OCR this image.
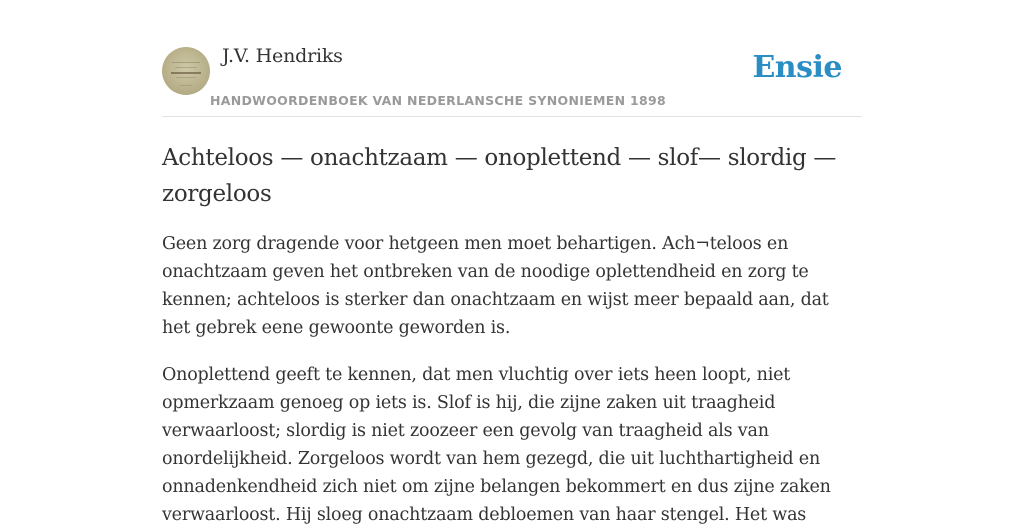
J.V. Hendriks
HANDWOORDENBOEK VAN NEDERLANSCHE SYNONIEMEN 1898
Ensie
Achteloos — onachtzaam — onoplettend — slof— slordig — zorgeloos

Geen zorg dragende voor hetgeen men moet behartigen. Ach¬teloos en onachtzaam geven het ontbreken van de noodige oplettendheid en zorg te kennen; achteloos is sterker dan onachtzaam en wijst meer bepaald aan, dat het gebrek eene gewoonte geworden is.

Onoplettend geeft te kennen, dat men vluchtig over iets heen loopt, niet opmerkzaam genoeg op iets is. Slof is hij, die zijne zaken uit traagheid verwaarloost; slordig is niet zoozeer een gevolg van traagheid als van onordelijkheid. Zorgeloos wordt van hem gezegd, die uit luchthartigheid en onnadenkendheid zich niet om zijne belangen bekommert en dus zijne zaken verwaarloost. Hij sloeg onachtzaam debloemen van haar stengel. Het was
